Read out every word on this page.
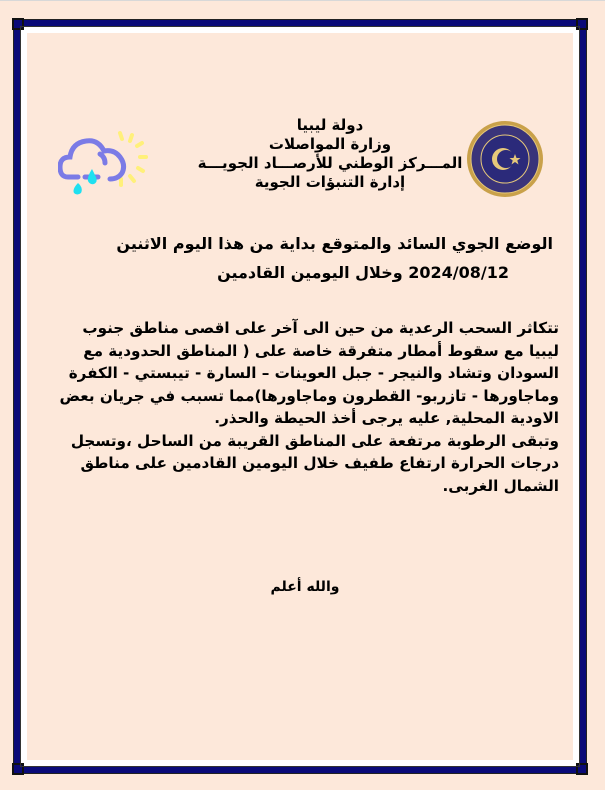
دولة ليبيا
وزارة المواصلات
المـــركز الوطني للأرصـــاد الجويـــة
إدارة التنبؤات الجوية
الوضع الجوي السائد والمتوقع بداية من هذا اليوم الاثنين
2024/08/12 وخلال اليومين القادمين
تتكاثر السحب الرعدية من حين الى آخر على اقصى مناطق جنوب
ليبيا مع سقوط أمطار متفرقة خاصة على ( المناطق الحدودية مع
السودان وتشاد والنيجر - جبل العوينات – السارة - تيبستي - الكفرة
وماجاورها - تازربو- القطرون وماجاورها)مما تسبب في جريان بعض
الاودية المحلية, عليه يرجى أخذ الحيطة والحذر.
وتبقى الرطوبة مرتفعة على المناطق القريبة من الساحل ،وتسجل
درجات الحرارة ارتفاع طفيف خلال اليومين القادمين على مناطق
الشمال الغربى.
والله أعلم
